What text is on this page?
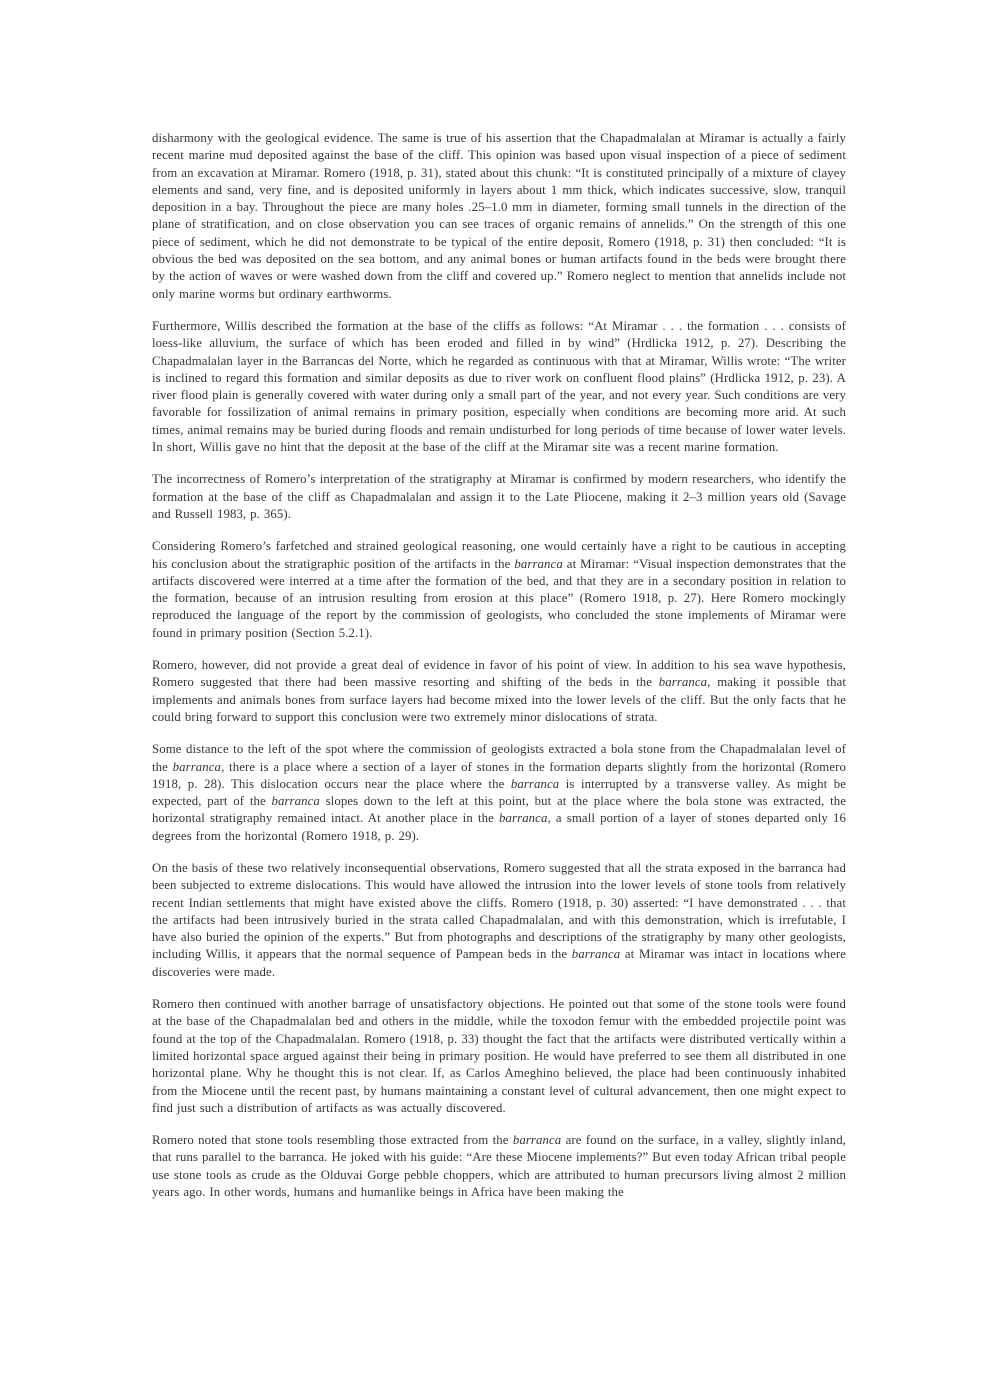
disharmony with the geological evidence. The same is true of his assertion that the Chapadmalalan at Miramar is actually a fairly recent marine mud deposited against the base of the cliff. This opinion was based upon visual inspection of a piece of sediment from an excavation at Miramar. Romero (1918, p. 31), stated about this chunk: “It is constituted principally of a mixture of clayey elements and sand, very fine, and is deposited uniformly in layers about 1 mm thick, which indicates successive, slow, tranquil deposition in a bay. Throughout the piece are many holes .25–1.0 mm in diameter, forming small tunnels in the direction of the plane of stratification, and on close observation you can see traces of organic remains of annelids.” On the strength of this one piece of sediment, which he did not demonstrate to be typical of the entire deposit, Romero (1918, p. 31) then concluded: “It is obvious the bed was deposited on the sea bottom, and any animal bones or human artifacts found in the beds were brought there by the action of waves or were washed down from the cliff and covered up.” Romero neglect to mention that annelids include not only marine worms but ordinary earthworms.

Furthermore, Willis described the formation at the base of the cliffs as follows: “At Miramar . . . the formation . . . consists of loess-like alluvium, the surface of which has been eroded and filled in by wind” (Hrdlicka 1912, p. 27). Describing the Chapadmalalan layer in the Barrancas del Norte, which he regarded as continuous with that at Miramar, Willis wrote: “The writer is inclined to regard this formation and similar deposits as due to river work on confluent flood plains” (Hrdlicka 1912, p. 23). A river flood plain is generally covered with water during only a small part of the year, and not every year. Such conditions are very favorable for fossilization of animal remains in primary position, especially when conditions are becoming more arid. At such times, animal remains may be buried during floods and remain undisturbed for long periods of time because of lower water levels. In short, Willis gave no hint that the deposit at the base of the cliff at the Miramar site was a recent marine formation.

The incorrectness of Romero’s interpretation of the stratigraphy at Miramar is confirmed by modern researchers, who identify the formation at the base of the cliff as Chapadmalalan and assign it to the Late Pliocene, making it 2–3 million years old (Savage and Russell 1983, p. 365).

Considering Romero’s farfetched and strained geological reasoning, one would certainly have a right to be cautious in accepting his conclusion about the stratigraphic position of the artifacts in the barranca at Miramar: “Visual inspection demonstrates that the artifacts discovered were interred at a time after the formation of the bed, and that they are in a secondary position in relation to the formation, because of an intrusion resulting from erosion at this place” (Romero 1918, p. 27). Here Romero mockingly reproduced the language of the report by the commission of geologists, who concluded the stone implements of Miramar were found in primary position (Section 5.2.1).

Romero, however, did not provide a great deal of evidence in favor of his point of view. In addition to his sea wave hypothesis, Romero suggested that there had been massive resorting and shifting of the beds in the barranca, making it possible that implements and animals bones from surface layers had become mixed into the lower levels of the cliff. But the only facts that he could bring forward to support this conclusion were two extremely minor dislocations of strata.

Some distance to the left of the spot where the commission of geologists extracted a bola stone from the Chapadmalalan level of the barranca, there is a place where a section of a layer of stones in the formation departs slightly from the horizontal (Romero 1918, p. 28). This dislocation occurs near the place where the barranca is interrupted by a transverse valley. As might be expected, part of the barranca slopes down to the left at this point, but at the place where the bola stone was extracted, the horizontal stratigraphy remained intact. At another place in the barranca, a small portion of a layer of stones departed only 16 degrees from the horizontal (Romero 1918, p. 29).

On the basis of these two relatively inconsequential observations, Romero suggested that all the strata exposed in the barranca had been subjected to extreme dislocations. This would have allowed the intrusion into the lower levels of stone tools from relatively recent Indian settlements that might have existed above the cliffs. Romero (1918, p. 30) asserted: “I have demonstrated . . . that the artifacts had been intrusively buried in the strata called Chapadmalalan, and with this demonstration, which is irrefutable, I have also buried the opinion of the experts.” But from photographs and descriptions of the stratigraphy by many other geologists, including Willis, it appears that the normal sequence of Pampean beds in the barranca at Miramar was intact in locations where discoveries were made.

Romero then continued with another barrage of unsatisfactory objections. He pointed out that some of the stone tools were found at the base of the Chapadmalalan bed and others in the middle, while the toxodon femur with the embedded projectile point was found at the top of the Chapadmalalan. Romero (1918, p. 33) thought the fact that the artifacts were distributed vertically within a limited horizontal space argued against their being in primary position. He would have preferred to see them all distributed in one horizontal plane. Why he thought this is not clear. If, as Carlos Ameghino believed, the place had been continuously inhabited from the Miocene until the recent past, by humans maintaining a constant level of cultural advancement, then one might expect to find just such a distribution of artifacts as was actually discovered.

Romero noted that stone tools resembling those extracted from the barranca are found on the surface, in a valley, slightly inland, that runs parallel to the barranca. He joked with his guide: “Are these Miocene implements?” But even today African tribal people use stone tools as crude as the Olduvai Gorge pebble choppers, which are attributed to human precursors living almost 2 million years ago. In other words, humans and humanlike beings in Africa have been making the
